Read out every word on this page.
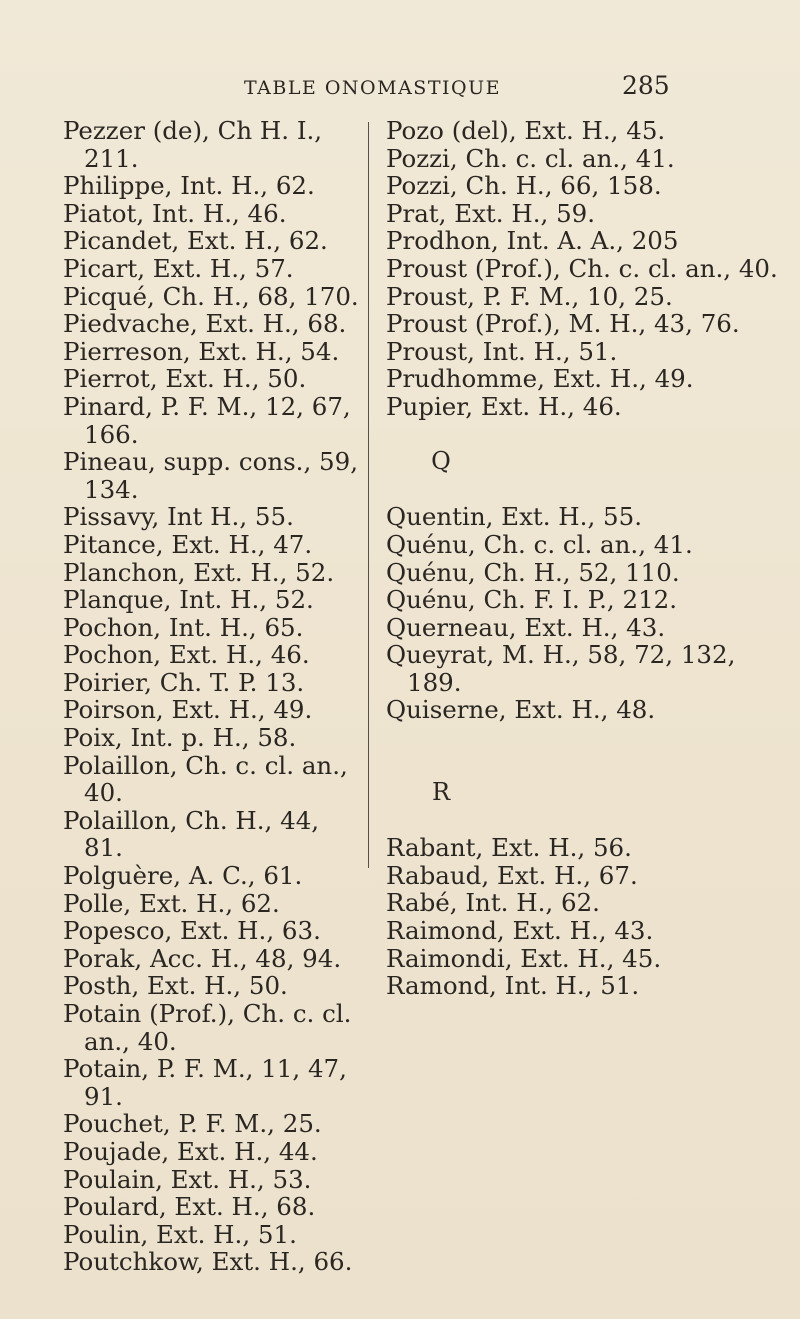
TABLE ONOMASTIQUE	285

Pezzer (de), Ch H. I., 211.

Philippe, Int. H., 62.

Piatot, Int. H., 46.

Picandet, Ext. H., 62.

Picart, Ext. H., 57.

Picqué, Ch. H., 68, 170.

Piedvache, Ext. H., 68.

Pierreson, Ext. H., 54.

Pierrot, Ext. H., 50.

Pinard, P. F. M., 12, 67, 166.

Pineau, supp. cons., 59, 134.

Pissavy, Int H., 55.

Pitance, Ext. H., 47.

Planchon, Ext. H., 52.

Planque, Int. H., 52.

Pochon, Int. H., 65.

Pochon, Ext. H., 46.

Poirier, Ch. T. P. 13.

Poirson, Ext. H., 49.

Poix, Int. p. H., 58.

Polaillon, Ch. c. cl. an., 40.

Polaillon, Ch. H., 44, 81.

Polguère, A. C., 61.

Polle, Ext. H., 62.

Popesco, Ext. H., 63.

Porak, Acc. H., 48, 94.

Posth, Ext. H., 50.

Potain (Prof.), Ch. c. cl. an., 40.

Potain, P. F. M., 11, 47, 91.

Pouchet, P. F. M., 25.

Poujade, Ext. H., 44.

Poulain, Ext. H., 53.

Poulard, Ext. H., 68.

Poulin, Ext. H., 51.

Poutchkow, Ext. H., 66.

Pozo (del), Ext. H., 45.

Pozzi, Ch. c. cl. an., 41.

Pozzi, Ch. H., 66, 158.

Prat, Ext. H., 59.

Prodhon, Int. A. A., 205

Proust (Prof.), Ch. c. cl. an., 40.

Proust, P. F. M., 10, 25.

Proust (Prof.), M. H., 43, 76.

Proust, Int. H., 51.

Prudhomme, Ext. H., 49.

Pupier, Ext. H., 46.

Q

Quentin, Ext. H., 55.

Quénu, Ch. c. cl. an., 41.

Quénu, Ch. H., 52, 110.

Quénu, Ch. F. I. P., 212.

Querneau, Ext. H., 43.

Queyrat, M. H., 58, 72, 132, 189.

Quiserne, Ext. H., 48.

R

Rabant, Ext. H., 56.

Rabaud, Ext. H., 67.

Rabé, Int. H., 62.

Raimond, Ext. H., 43.

Raimondi, Ext. H., 45.

Ramond, Int. H., 51.
